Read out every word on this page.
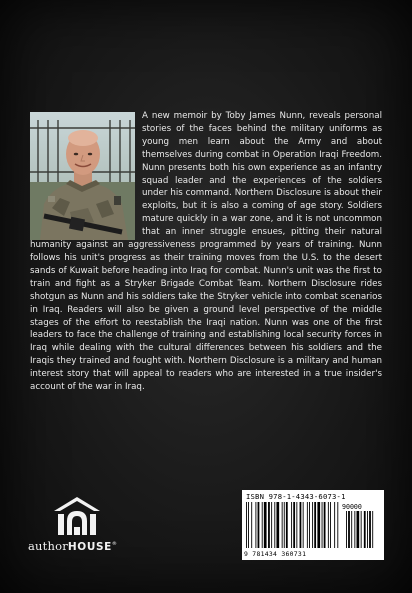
A new memoir by Toby James Nunn, reveals personal stories of the faces behind the military uniforms as young men learn about the Army and about themselves during combat in Operation Iraqi Freedom. Nunn presents both his own experience as an infantry squad leader and the experiences of the soldiers under his command. Northern Disclosure is about their exploits, but it is also a coming of age story. Soldiers mature quickly in a war zone, and it is not uncommon that an inner struggle ensues, pitting their natural humanity against an aggressiveness programmed by years of training. Nunn follows his unit's progress as their training moves from the U.S. to the desert sands of Kuwait before heading into Iraq for combat. Nunn's unit was the first to train and fight as a Stryker Brigade Combat Team. Northern Disclosure rides shotgun as Nunn and his soldiers take the Stryker vehicle into combat scenarios in Iraq. Readers will also be given a ground level perspective of the middle stages of the effort to reestablish the Iraqi nation. Nunn was one of the first leaders to face the challenge of training and establishing local security forces in Iraq while dealing with the cultural differences between his soldiers and the Iraqis they trained and fought with. Northern Disclosure is a military and human interest story that will appeal to readers who are interested in a true insider's account of the war in Iraq.

authorHOUSE®
ISBN 978-1-4343-6073-1
90000
9 781434 360731
